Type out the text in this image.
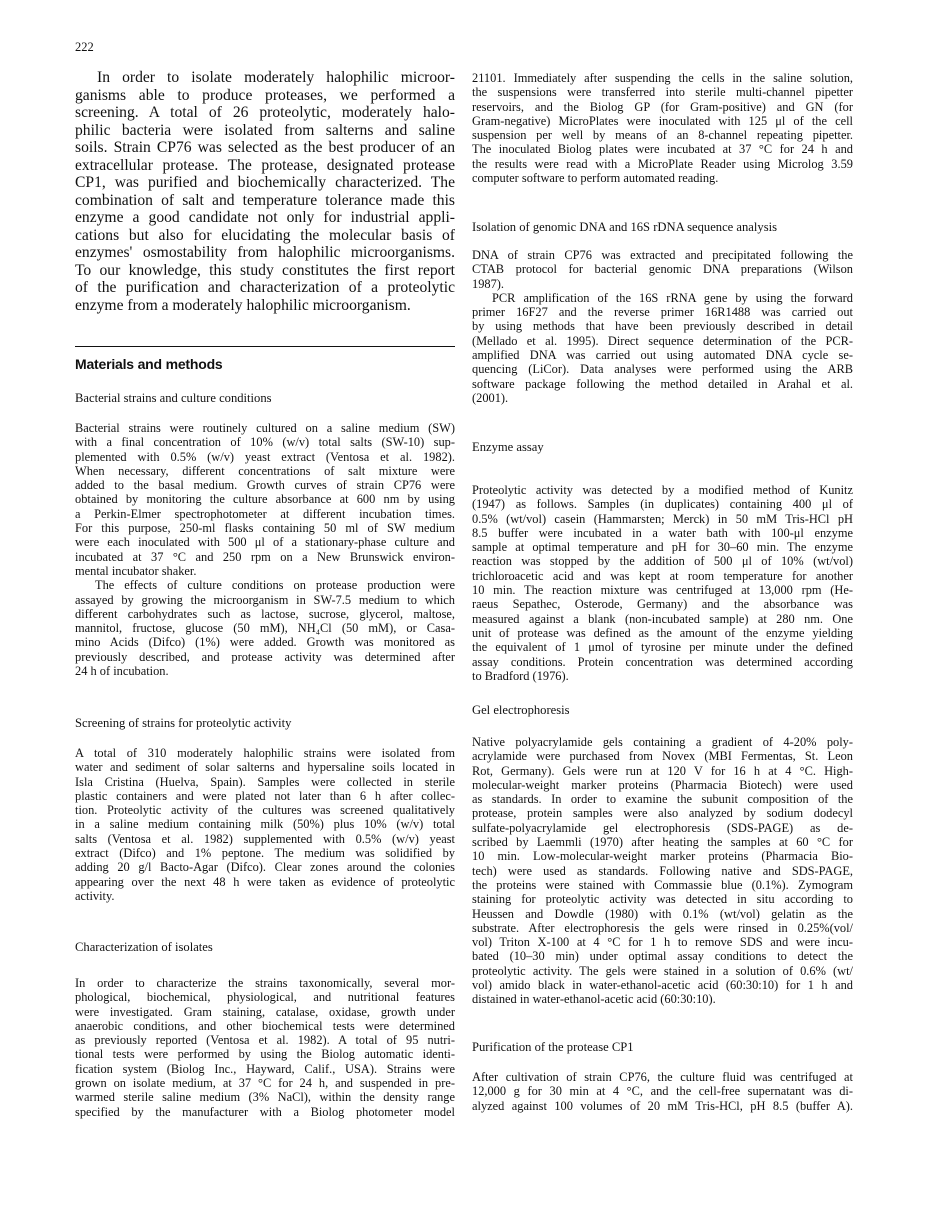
222
In order to isolate moderately halophilic microor-
ganisms able to produce proteases, we performed a
screening. A total of 26 proteolytic, moderately halo-
philic bacteria were isolated from salterns and saline
soils. Strain CP76 was selected as the best producer of an
extracellular protease. The protease, designated protease
CP1, was purified and biochemically characterized. The
combination of salt and temperature tolerance made this
enzyme a good candidate not only for industrial appli-
cations but also for elucidating the molecular basis of
enzymes' osmostability from halophilic microorganisms.
To our knowledge, this study constitutes the first report
of the purification and characterization of a proteolytic
enzyme from a moderately halophilic microorganism.
Materials and methods
Bacterial strains and culture conditions
Bacterial strains were routinely cultured on a saline medium (SW)
with a final concentration of 10% (w/v) total salts (SW-10) sup-
plemented with 0.5% (w/v) yeast extract (Ventosa et al. 1982).
When necessary, different concentrations of salt mixture were
added to the basal medium. Growth curves of strain CP76 were
obtained by monitoring the culture absorbance at 600 nm by using
a Perkin-Elmer spectrophotometer at different incubation times.
For this purpose, 250-ml flasks containing 50 ml of SW medium
were each inoculated with 500 μl of a stationary-phase culture and
incubated at 37 °C and 250 rpm on a New Brunswick environ-
mental incubator shaker.
The effects of culture conditions on protease production were
assayed by growing the microorganism in SW-7.5 medium to which
different carbohydrates such as lactose, sucrose, glycerol, maltose,
mannitol, fructose, glucose (50 mM), NH₄Cl (50 mM), or Casa-
mino Acids (Difco) (1%) were added. Growth was monitored as
previously described, and protease activity was determined after
24 h of incubation.
Screening of strains for proteolytic activity
A total of 310 moderately halophilic strains were isolated from
water and sediment of solar salterns and hypersaline soils located in
Isla Cristina (Huelva, Spain). Samples were collected in sterile
plastic containers and were plated not later than 6 h after collec-
tion. Proteolytic activity of the cultures was screened qualitatively
in a saline medium containing milk (50%) plus 10% (w/v) total
salts (Ventosa et al. 1982) supplemented with 0.5% (w/v) yeast
extract (Difco) and 1% peptone. The medium was solidified by
adding 20 g/l Bacto-Agar (Difco). Clear zones around the colonies
appearing over the next 48 h were taken as evidence of proteolytic
activity.
Characterization of isolates
In order to characterize the strains taxonomically, several mor-
phological, biochemical, physiological, and nutritional features
were investigated. Gram staining, catalase, oxidase, growth under
anaerobic conditions, and other biochemical tests were determined
as previously reported (Ventosa et al. 1982). A total of 95 nutri-
tional tests were performed by using the Biolog automatic identi-
fication system (Biolog Inc., Hayward, Calif., USA). Strains were
grown on isolate medium, at 37 °C for 24 h, and suspended in pre-
warmed sterile saline medium (3% NaCl), within the density range
specified by the manufacturer with a Biolog photometer model
21101. Immediately after suspending the cells in the saline solution,
the suspensions were transferred into sterile multi-channel pipetter
reservoirs, and the Biolog GP (for Gram-positive) and GN (for
Gram-negative) MicroPlates were inoculated with 125 μl of the cell
suspension per well by means of an 8-channel repeating pipetter.
The inoculated Biolog plates were incubated at 37 °C for 24 h and
the results were read with a MicroPlate Reader using Microlog 3.59
computer software to perform automated reading.
Isolation of genomic DNA and 16S rDNA sequence analysis
DNA of strain CP76 was extracted and precipitated following the
CTAB protocol for bacterial genomic DNA preparations (Wilson
1987).
PCR amplification of the 16S rRNA gene by using the forward
primer 16F27 and the reverse primer 16R1488 was carried out
by using methods that have been previously described in detail
(Mellado et al. 1995). Direct sequence determination of the PCR-
amplified DNA was carried out using automated DNA cycle se-
quencing (LiCor). Data analyses were performed using the ARB
software package following the method detailed in Arahal et al.
(2001).
Enzyme assay
Proteolytic activity was detected by a modified method of Kunitz
(1947) as follows. Samples (in duplicates) containing 400 μl of
0.5% (wt/vol) casein (Hammarsten; Merck) in 50 mM Tris-HCl pH
8.5 buffer were incubated in a water bath with 100-μl enzyme
sample at optimal temperature and pH for 30–60 min. The enzyme
reaction was stopped by the addition of 500 μl of 10% (wt/vol)
trichloroacetic acid and was kept at room temperature for another
10 min. The reaction mixture was centrifuged at 13,000 rpm (He-
raeus Sepathec, Osterode, Germany) and the absorbance was
measured against a blank (non-incubated sample) at 280 nm. One
unit of protease was defined as the amount of the enzyme yielding
the equivalent of 1 μmol of tyrosine per minute under the defined
assay conditions. Protein concentration was determined according
to Bradford (1976).
Gel electrophoresis
Native polyacrylamide gels containing a gradient of 4-20% poly-
acrylamide were purchased from Novex (MBI Fermentas, St. Leon
Rot, Germany). Gels were run at 120 V for 16 h at 4 °C. High-
molecular-weight marker proteins (Pharmacia Biotech) were used
as standards. In order to examine the subunit composition of the
protease, protein samples were also analyzed by sodium dodecyl
sulfate-polyacrylamide gel electrophoresis (SDS-PAGE) as de-
scribed by Laemmli (1970) after heating the samples at 60 °C for
10 min. Low-molecular-weight marker proteins (Pharmacia Bio-
tech) were used as standards. Following native and SDS-PAGE,
the proteins were stained with Commassie blue (0.1%). Zymogram
staining for proteolytic activity was detected in situ according to
Heussen and Dowdle (1980) with 0.1% (wt/vol) gelatin as the
substrate. After electrophoresis the gels were rinsed in 0.25%(vol/
vol) Triton X-100 at 4 °C for 1 h to remove SDS and were incu-
bated (10–30 min) under optimal assay conditions to detect the
proteolytic activity. The gels were stained in a solution of 0.6% (wt/
vol) amido black in water-ethanol-acetic acid (60:30:10) for 1 h and
distained in water-ethanol-acetic acid (60:30:10).
Purification of the protease CP1
After cultivation of strain CP76, the culture fluid was centrifuged at
12,000 g for 30 min at 4 °C, and the cell-free supernatant was di-
alyzed against 100 volumes of 20 mM Tris-HCl, pH 8.5 (buffer A).
